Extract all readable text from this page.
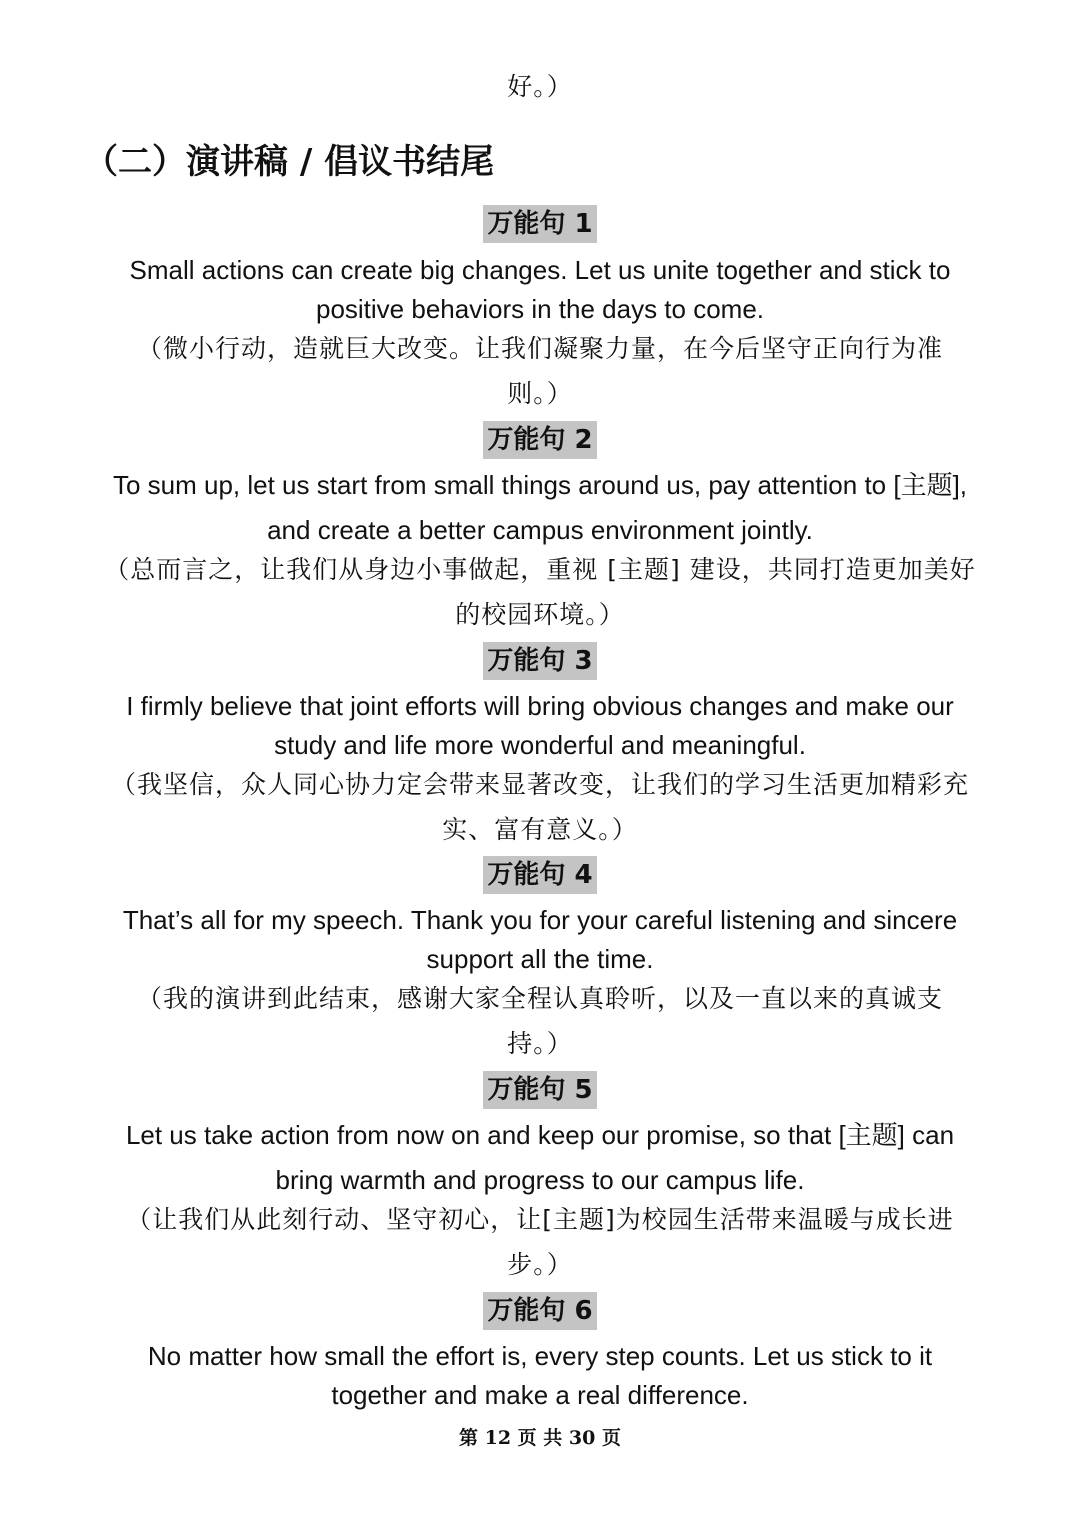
好。）
（二）演讲稿 / 倡议书结尾
万能句 1
Small actions can create big changes. Let us unite together and stick to
positive behaviors in the days to come.
（微小行动，造就巨大改变。让我们凝聚力量，在今后坚守正向行为准
则。）
万能句 2
To sum up, let us start from small things around us, pay attention to [主题],
and create a better campus environment jointly.
（总而言之，让我们从身边小事做起，重视 [主题] 建设，共同打造更加美好
的校园环境。）
万能句 3
I firmly believe that joint efforts will bring obvious changes and make our
study and life more wonderful and meaningful.
（我坚信，众人同心协力定会带来显著改变，让我们的学习生活更加精彩充
实、富有意义。）
万能句 4
That’s all for my speech. Thank you for your careful listening and sincere
support all the time.
（我的演讲到此结束，感谢大家全程认真聆听，以及一直以来的真诚支
持。）
万能句 5
Let us take action from now on and keep our promise, so that [主题] can
bring warmth and progress to our campus life.
（让我们从此刻行动、坚守初心，让[主题]为校园生活带来温暖与成长进
步。）
万能句 6
No matter how small the effort is, every step counts. Let us stick to it
together and make a real difference.
第 12 页 共 30 页
